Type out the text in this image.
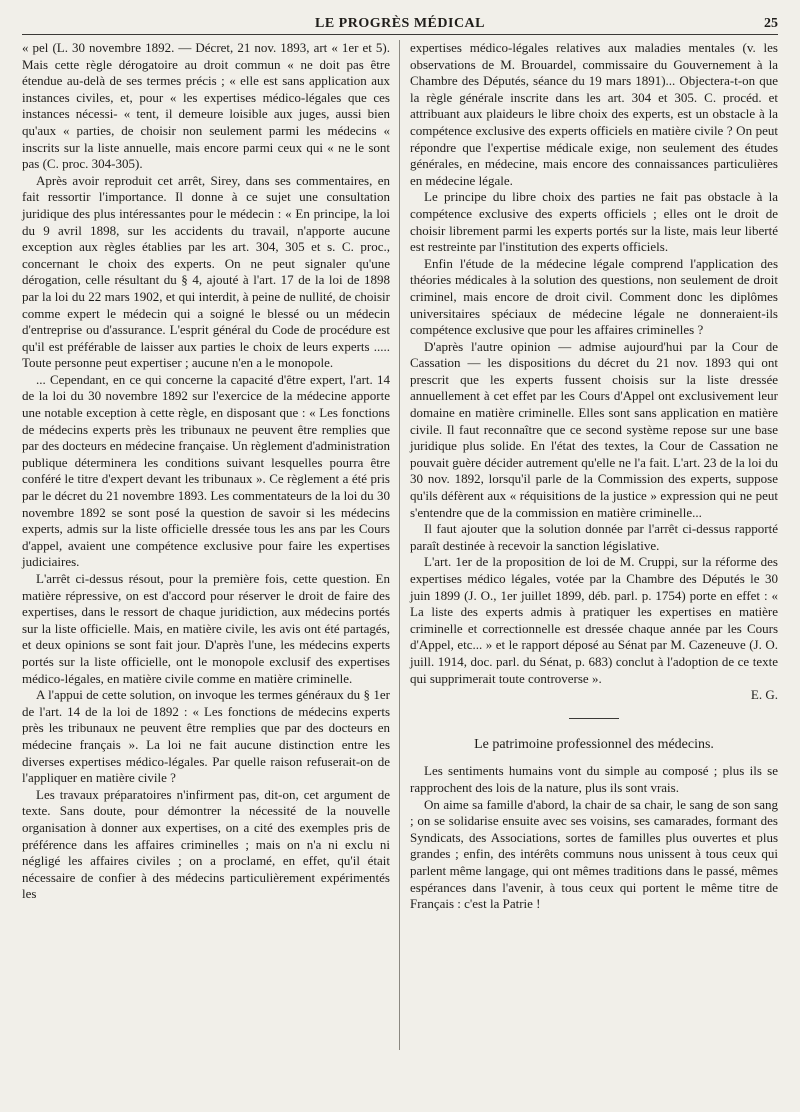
LE PROGRÈS MÉDICAL	25

« pel (L. 30 novembre 1892. — Décret, 21 nov. 1893, art « 1er et 5). Mais cette règle dérogatoire au droit commun « ne doit pas être étendue au-delà de ses termes précis ; « elle est sans application aux instances civiles, et, pour « les expertises médico-légales que ces instances nécessi- « tent, il demeure loisible aux juges, aussi bien qu'aux « parties, de choisir non seulement parmi les médecins « inscrits sur la liste annuelle, mais encore parmi ceux qui « ne le sont pas (C. proc. 304-305).

Après avoir reproduit cet arrêt, Sirey, dans ses commentaires, en fait ressortir l'importance. Il donne à ce sujet une consultation juridique des plus intéressantes pour le médecin : « En principe, la loi du 9 avril 1898, sur les accidents du travail, n'apporte aucune exception aux règles établies par les art. 304, 305 et s. C. proc., concernant le choix des experts. On ne peut signaler qu'une dérogation, celle résultant du § 4, ajouté à l'art. 17 de la loi de 1898 par la loi du 22 mars 1902, et qui interdit, à peine de nullité, de choisir comme expert le médecin qui a soigné le blessé ou un médecin d'entreprise ou d'assurance. L'esprit général du Code de procédure est qu'il est préférable de laisser aux parties le choix de leurs experts ..... Toute personne peut expertiser ; aucune n'en a le monopole.

... Cependant, en ce qui concerne la capacité d'être expert, l'art. 14 de la loi du 30 novembre 1892 sur l'exercice de la médecine apporte une notable exception à cette règle, en disposant que : « Les fonctions de médecins experts près les tribunaux ne peuvent être remplies que par des docteurs en médecine française. Un règlement d'administration publique déterminera les conditions suivant lesquelles pourra être conféré le titre d'expert devant les tribunaux ». Ce règlement a été pris par le décret du 21 novembre 1893. Les commentateurs de la loi du 30 novembre 1892 se sont posé la question de savoir si les médecins experts, admis sur la liste officielle dressée tous les ans par les Cours d'appel, avaient une compétence exclusive pour faire les expertises judiciaires.

L'arrêt ci-dessus résout, pour la première fois, cette question. En matière répressive, on est d'accord pour réserver le droit de faire des expertises, dans le ressort de chaque juridiction, aux médecins portés sur la liste officielle. Mais, en matière civile, les avis ont été partagés, et deux opinions se sont fait jour. D'après l'une, les médecins experts portés sur la liste officielle, ont le monopole exclusif des expertises médico-légales, en matière civile comme en matière criminelle.

A l'appui de cette solution, on invoque les termes généraux du § 1er de l'art. 14 de la loi de 1892 : « Les fonctions de médecins experts près les tribunaux ne peuvent être remplies que par des docteurs en médecine français ». La loi ne fait aucune distinction entre les diverses expertises médico-légales. Par quelle raison refuserait-on de l'appliquer en matière civile ?

Les travaux préparatoires n'infirment pas, dit-on, cet argument de texte. Sans doute, pour démontrer la nécessité de la nouvelle organisation à donner aux expertises, on a cité des exemples pris de préférence dans les affaires criminelles ; mais on n'a ni exclu ni négligé les affaires civiles ; on a proclamé, en effet, qu'il était nécessaire de confier à des médecins particulièrement expérimentés les

expertises médico-légales relatives aux maladies mentales (v. les observations de M. Brouardel, commissaire du Gouvernement à la Chambre des Députés, séance du 19 mars 1891)... Objectera-t-on que la règle générale inscrite dans les art. 304 et 305. C. procéd. et attribuant aux plaideurs le libre choix des experts, est un obstacle à la compétence exclusive des experts officiels en matière civile ? On peut répondre que l'expertise médicale exige, non seulement des études générales, en médecine, mais encore des connaissances particulières en médecine légale.

Le principe du libre choix des parties ne fait pas obstacle à la compétence exclusive des experts officiels ; elles ont le droit de choisir librement parmi les experts portés sur la liste, mais leur liberté est restreinte par l'institution des experts officiels.

Enfin l'étude de la médecine légale comprend l'application des théories médicales à la solution des questions, non seulement de droit criminel, mais encore de droit civil. Comment donc les diplômes universitaires spéciaux de médecine légale ne donneraient-ils compétence exclusive que pour les affaires criminelles ?

D'après l'autre opinion — admise aujourd'hui par la Cour de Cassation — les dispositions du décret du 21 nov. 1893 qui ont prescrit que les experts fussent choisis sur la liste dressée annuellement à cet effet par les Cours d'Appel ont exclusivement leur domaine en matière criminelle. Elles sont sans application en matière civile. Il faut reconnaître que ce second système repose sur une base juridique plus solide. En l'état des textes, la Cour de Cassation ne pouvait guère décider autrement qu'elle ne l'a fait. L'art. 23 de la loi du 30 nov. 1892, lorsqu'il parle de la Commission des experts, suppose qu'ils défèrent aux « réquisitions de la justice » expression qui ne peut s'entendre que de la commission en matière criminelle...

Il faut ajouter que la solution donnée par l'arrêt ci-dessus rapporté paraît destinée à recevoir la sanction législative.

L'art. 1er de la proposition de loi de M. Cruppi, sur la réforme des expertises médico légales, votée par la Chambre des Députés le 30 juin 1899 (J. O., 1er juillet 1899, déb. parl. p. 1754) porte en effet : « La liste des experts admis à pratiquer les expertises en matière criminelle et correctionnelle est dressée chaque année par les Cours d'Appel, etc... » et le rapport déposé au Sénat par M. Cazeneuve (J. O. juill. 1914, doc. parl. du Sénat, p. 683) conclut à l'adoption de ce texte qui supprimerait toute controverse ».

E. G.
Le patrimoine professionnel des médecins.

Les sentiments humains vont du simple au composé ; plus ils se rapprochent des lois de la nature, plus ils sont vrais.

On aime sa famille d'abord, la chair de sa chair, le sang de son sang ; on se solidarise ensuite avec ses voisins, ses camarades, formant des Syndicats, des Associations, sortes de familles plus ouvertes et plus grandes ; enfin, des intérêts communs nous unissent à tous ceux qui parlent même langage, qui ont mêmes traditions dans le passé, mêmes espérances dans l'avenir, à tous ceux qui portent le même titre de Français : c'est la Patrie !
